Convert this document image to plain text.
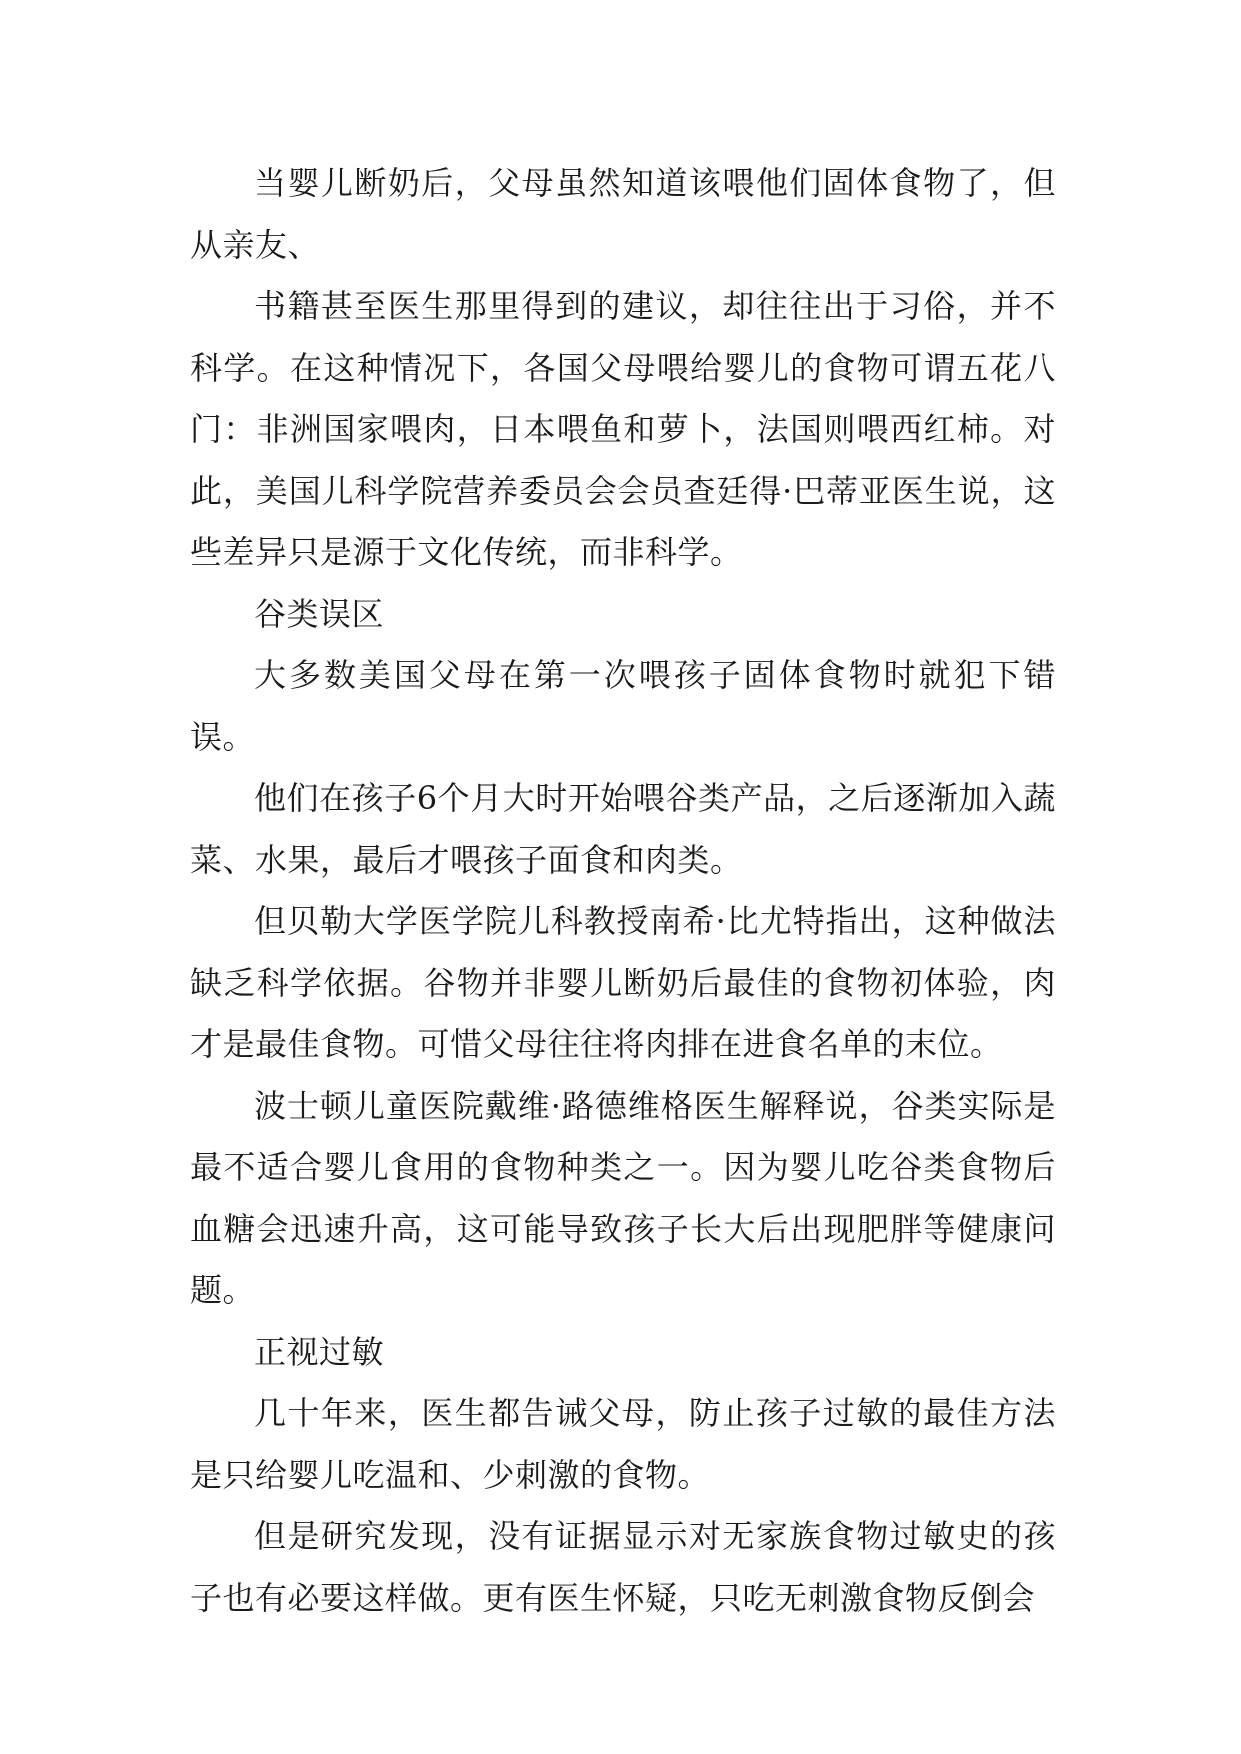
当婴儿断奶后，父母虽然知道该喂他们固体食物了，但从亲友、

书籍甚至医生那里得到的建议，却往往出于习俗，并不科学。在这种情况下，各国父母喂给婴儿的食物可谓五花八门：非洲国家喂肉，日本喂鱼和萝卜，法国则喂西红柿。对此，美国儿科学院营养委员会会员查廷得·巴蒂亚医生说，这些差异只是源于文化传统，而非科学。

谷类误区

大多数美国父母在第一次喂孩子固体食物时就犯下错误。

他们在孩子6个月大时开始喂谷类产品，之后逐渐加入蔬菜、水果，最后才喂孩子面食和肉类。

但贝勒大学医学院儿科教授南希·比尤特指出，这种做法缺乏科学依据。谷物并非婴儿断奶后最佳的食物初体验，肉才是最佳食物。可惜父母往往将肉排在进食名单的末位。

波士顿儿童医院戴维·路德维格医生解释说，谷类实际是最不适合婴儿食用的食物种类之一。因为婴儿吃谷类食物后血糖会迅速升高，这可能导致孩子长大后出现肥胖等健康问题。

正视过敏

几十年来，医生都告诫父母，防止孩子过敏的最佳方法是只给婴儿吃温和、少刺激的食物。

但是研究发现，没有证据显示对无家族食物过敏史的孩子也有必要这样做。更有医生怀疑，只吃无刺激食物反倒会
